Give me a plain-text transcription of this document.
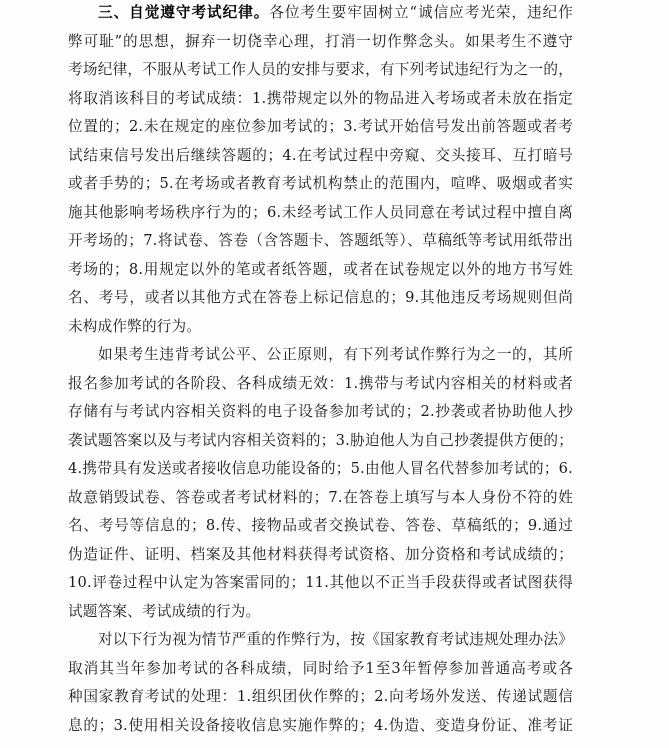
三、自觉遵守考试纪律。各位考生要牢固树立“诚信应考光荣，违纪作
弊可耻”的思想，摒弃一切侥幸心理，打消一切作弊念头。如果考生不遵守
考场纪律，不服从考试工作人员的安排与要求，有下列考试违纪行为之一的，
将取消该科目的考试成绩：1.携带规定以外的物品进入考场或者未放在指定
位置的；2.未在规定的座位参加考试的；3.考试开始信号发出前答题或者考
试结束信号发出后继续答题的；4.在考试过程中旁窥、交头接耳、互打暗号
或者手势的；5.在考场或者教育考试机构禁止的范围内，喧哗、吸烟或者实
施其他影响考场秩序行为的；6.未经考试工作人员同意在考试过程中擅自离
开考场的；7.将试卷、答卷（含答题卡、答题纸等）、草稿纸等考试用纸带出
考场的；8.用规定以外的笔或者纸答题，或者在试卷规定以外的地方书写姓
名、考号，或者以其他方式在答卷上标记信息的；9.其他违反考场规则但尚
未构成作弊的行为。
如果考生违背考试公平、公正原则，有下列考试作弊行为之一的，其所
报名参加考试的各阶段、各科成绩无效：1.携带与考试内容相关的材料或者
存储有与考试内容相关资料的电子设备参加考试的；2.抄袭或者协助他人抄
袭试题答案以及与考试内容相关资料的；3.胁迫他人为自己抄袭提供方便的；
4.携带具有发送或者接收信息功能设备的；5.由他人冒名代替参加考试的；6.
故意销毁试卷、答卷或者考试材料的；7.在答卷上填写与本人身份不符的姓
名、考号等信息的；8.传、接物品或者交换试卷、答卷、草稿纸的；9.通过
伪造证件、证明、档案及其他材料获得考试资格、加分资格和考试成绩的；
10.评卷过程中认定为答案雷同的；11.其他以不正当手段获得或者试图获得
试题答案、考试成绩的行为。
对以下行为视为情节严重的作弊行为，按《国家教育考试违规处理办法》
取消其当年参加考试的各科成绩，同时给予1至3年暂停参加普通高考或各
种国家教育考试的处理：1.组织团伙作弊的；2.向考场外发送、传递试题信
息的；3.使用相关设备接收信息实施作弊的；4.伪造、变造身份证、准考证
